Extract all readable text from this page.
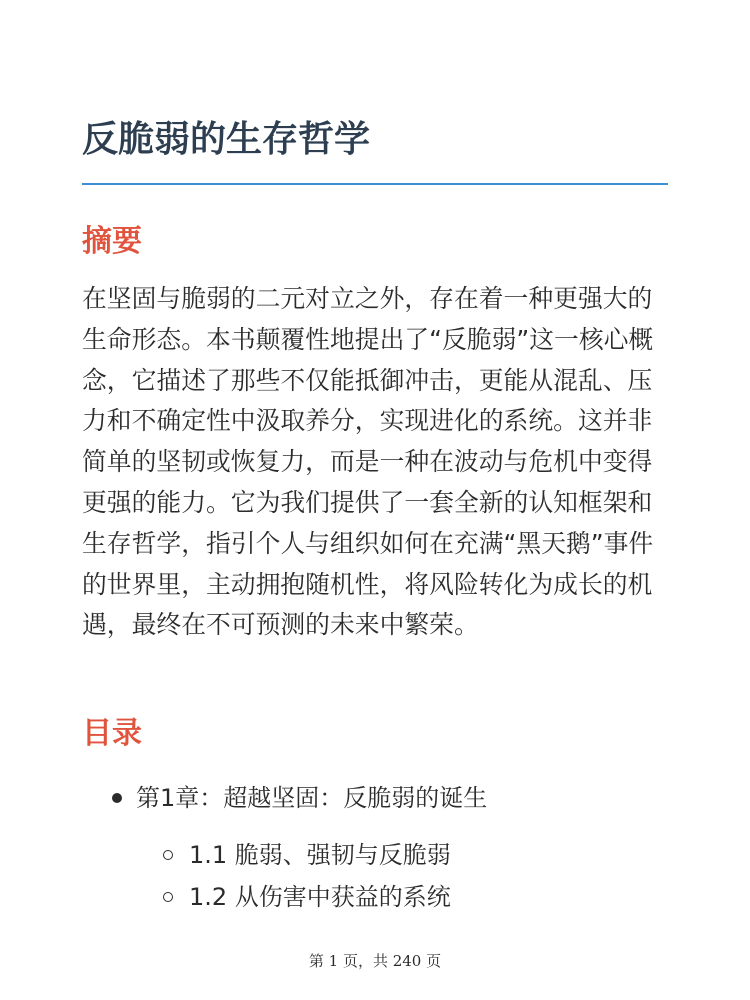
反脆弱的生存哲学
摘要

在坚固与脆弱的二元对立之外，存在着一种更强大的生命形态。本书颠覆性地提出了“反脆弱”这一核心概念，它描述了那些不仅能抵御冲击，更能从混乱、压力和不确定性中汲取养分，实现进化的系统。这并非简单的坚韧或恢复力，而是一种在波动与危机中变得更强的能力。它为我们提供了一套全新的认知框架和生存哲学，指引个人与组织如何在充满“黑天鹅”事件的世界里，主动拥抱随机性，将风险转化为成长的机遇，最终在不可预测的未来中繁荣。

目录
第1章：超越坚固：反脆弱的诞生
1.1 脆弱、强韧与反脆弱
1.2 从伤害中获益的系统
第 1 页，共 240 页
